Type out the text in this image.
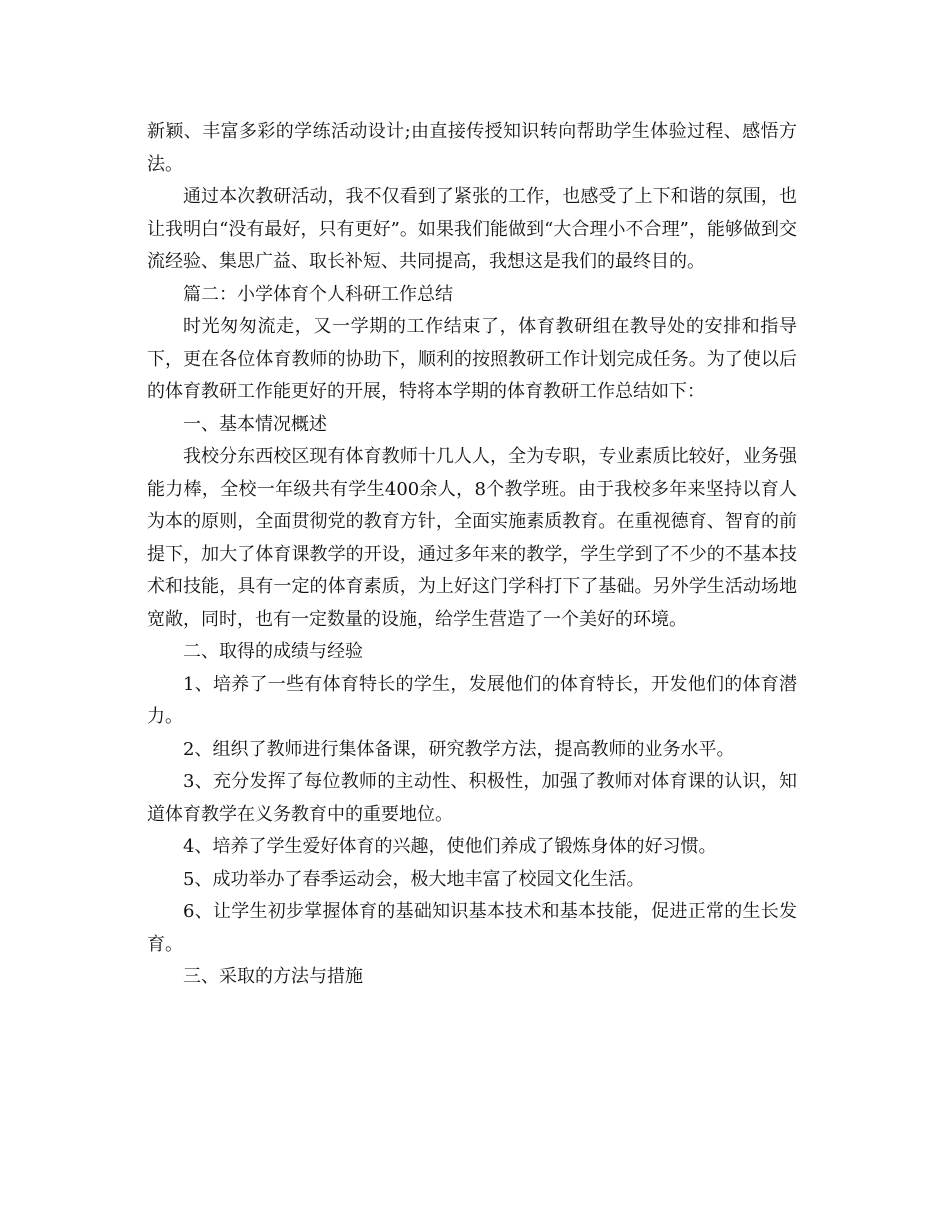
新颖、丰富多彩的学练活动设计;由直接传授知识转向帮助学生体验过程、感悟方法。

通过本次教研活动，我不仅看到了紧张的工作，也感受了上下和谐的氛围，也让我明白“没有最好，只有更好”。如果我们能做到“大合理小不合理”，能够做到交流经验、集思广益、取长补短、共同提高，我想这是我们的最终目的。

篇二：小学体育个人科研工作总结

时光匆匆流走，又一学期的工作结束了，体育教研组在教导处的安排和指导下，更在各位体育教师的协助下，顺利的按照教研工作计划完成任务。为了使以后的体育教研工作能更好的开展，特将本学期的体育教研工作总结如下：

一、基本情况概述

我校分东西校区现有体育教师十几人人，全为专职，专业素质比较好，业务强能力棒，全校一年级共有学生400余人，8个教学班。由于我校多年来坚持以育人为本的原则，全面贯彻党的教育方针，全面实施素质教育。在重视德育、智育的前提下，加大了体育课教学的开设，通过多年来的教学，学生学到了不少的不基本技术和技能，具有一定的体育素质，为上好这门学科打下了基础。另外学生活动场地宽敞，同时，也有一定数量的设施，给学生营造了一个美好的环境。

二、取得的成绩与经验

1、培养了一些有体育特长的学生，发展他们的体育特长，开发他们的体育潜力。

2、组织了教师进行集体备课，研究教学方法，提高教师的业务水平。

3、充分发挥了每位教师的主动性、积极性，加强了教师对体育课的认识，知道体育教学在义务教育中的重要地位。

4、培养了学生爱好体育的兴趣，使他们养成了锻炼身体的好习惯。

5、成功举办了春季运动会，极大地丰富了校园文化生活。

6、让学生初步掌握体育的基础知识基本技术和基本技能，促进正常的生长发育。

三、采取的方法与措施
